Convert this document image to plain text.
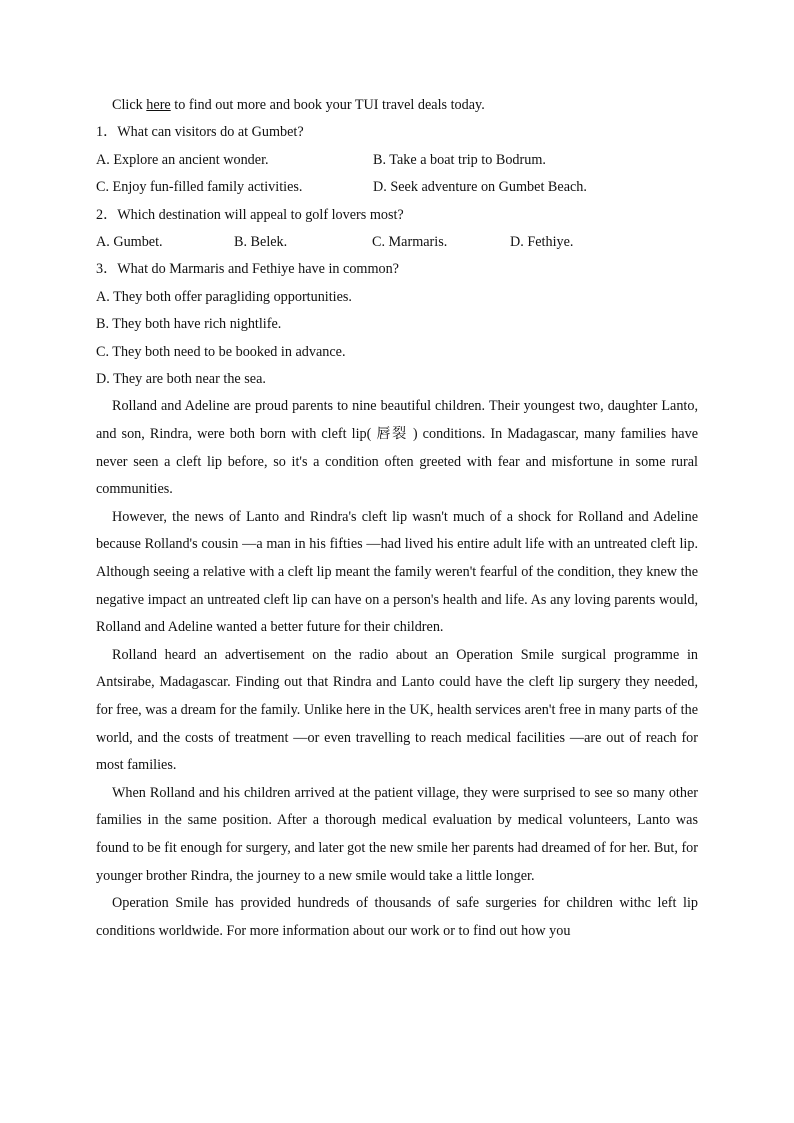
Click here to find out more and book your TUI travel deals today.
1．What can visitors do at Gumbet?
A. Explore an ancient wonder.	B. Take a boat trip to Bodrum.
C. Enjoy fun-filled family activities.	D. Seek adventure on Gumbet Beach.
2．Which destination will appeal to golf lovers most?
A. Gumbet.	B. Belek.	C. Marmaris.	D. Fethiye.
3．What do Marmaris and Fethiye have in common?
A. They both offer paragliding opportunities.
B. They both have rich nightlife.
C. They both need to be booked in advance.
D. They are both near the sea.

Rolland and Adeline are proud parents to nine beautiful children. Their youngest two, daughter Lanto, and son, Rindra, were both born with cleft lip( 唇裂 ) conditions. In Madagascar, many families have never seen a cleft lip before, so it's a condition often greeted with fear and misfortune in some rural communities.

However, the news of Lanto and Rindra's cleft lip wasn't much of a shock for Rolland and Adeline because Rolland's cousin —a man in his fifties —had lived his entire adult life with an untreated cleft lip. Although seeing a relative with a cleft lip meant the family weren't fearful of the condition, they knew the negative impact an untreated cleft lip can have on a person's health and life. As any loving parents would, Rolland and Adeline wanted a better future for their children.

Rolland heard an advertisement on the radio about an Operation Smile surgical programme in Antsirabe, Madagascar. Finding out that Rindra and Lanto could have the cleft lip surgery they needed, for free, was a dream for the family. Unlike here in the UK, health services aren't free in many parts of the world, and the costs of treatment —or even travelling to reach medical facilities —are out of reach for most families.

When Rolland and his children arrived at the patient village, they were surprised to see so many other families in the same position. After a thorough medical evaluation by medical volunteers, Lanto was found to be fit enough for surgery, and later got the new smile her parents had dreamed of for her. But, for younger brother Rindra, the journey to a new smile would take a little longer.

Operation Smile has provided hundreds of thousands of safe surgeries for children withc left lip conditions worldwide. For more information about our work or to find out how you
